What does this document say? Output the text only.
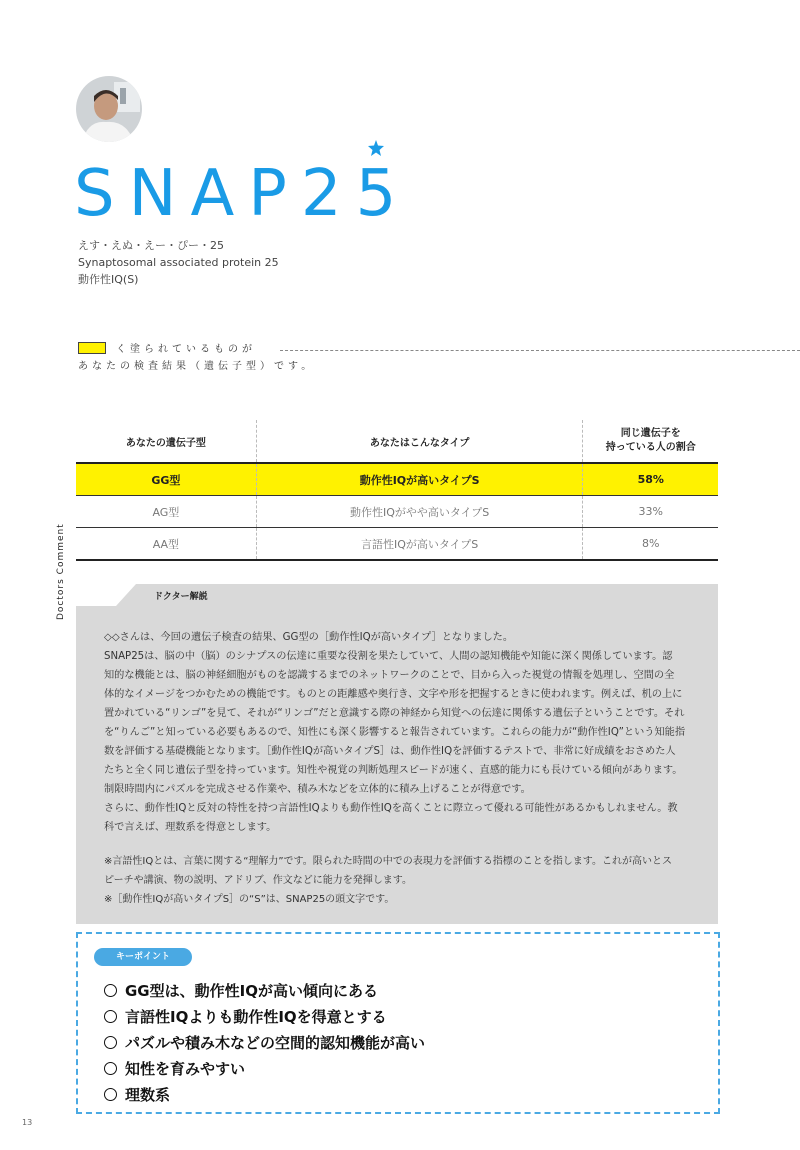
SNAP25
えす・えぬ・えー・ぴー・25
Synaptosomal associated protein 25
動作性IQ(S)
く塗られているものが
あなたの検査結果（遺伝子型）です。
あなたの遺伝子型	あなたはこんなタイプ	同じ遺伝子を
持っている人の割合
GG型	動作性IQが高いタイプS	58%
AG型	動作性IQがやや高いタイプS	33%
AA型	言語性IQが高いタイプS	8%
Doctors Comment	ドクター解説

◇◇さんは、今回の遺伝子検査の結果、GG型の［動作性IQが高いタイプ］となりました。

SNAP25は、脳の中（脳）のシナプスの伝達に重要な役割を果たしていて、人間の認知機能や知能に深く関係しています。認

知的な機能とは、脳の神経細胞がものを認識するまでのネットワークのことで、目から入った視覚の情報を処理し、空間の全

体的なイメージをつかむための機能です。ものとの距離感や奥行き、文字や形を把握するときに使われます。例えば、机の上に

置かれている“リンゴ”を見て、それが“リンゴ”だと意識する際の神経から知覚への伝達に関係する遺伝子ということです。それ

を“りんご”と知っている必要もあるので、知性にも深く影響すると報告されています。これらの能力が“動作性IQ”という知能指

数を評価する基礎機能となります。［動作性IQが高いタイプS］は、動作性IQを評価するテストで、非常に好成績をおさめた人

たちと全く同じ遺伝子型を持っています。知性や視覚の判断処理スピードが速く、直感的能力にも長けている傾向があります。

制限時間内にパズルを完成させる作業や、積み木などを立体的に積み上げることが得意です。

さらに、動作性IQと反対の特性を持つ言語性IQよりも動作性IQを高くことに際立って優れる可能性があるかもしれません。教

科で言えば、理数系を得意とします。

※言語性IQとは、言葉に関する“理解力”です。限られた時間の中での表現力を評価する指標のことを指します。これが高いとス

ピーチや講演、物の説明、アドリブ、作文などに能力を発揮します。

※［動作性IQが高いタイプS］の“S”は、SNAP25の頭文字です。

キーポイント
GG型は、動作性IQが高い傾向にある
言語性IQよりも動作性IQを得意とする
パズルや積み木などの空間的認知機能が高い
知性を育みやすい
理数系
13
